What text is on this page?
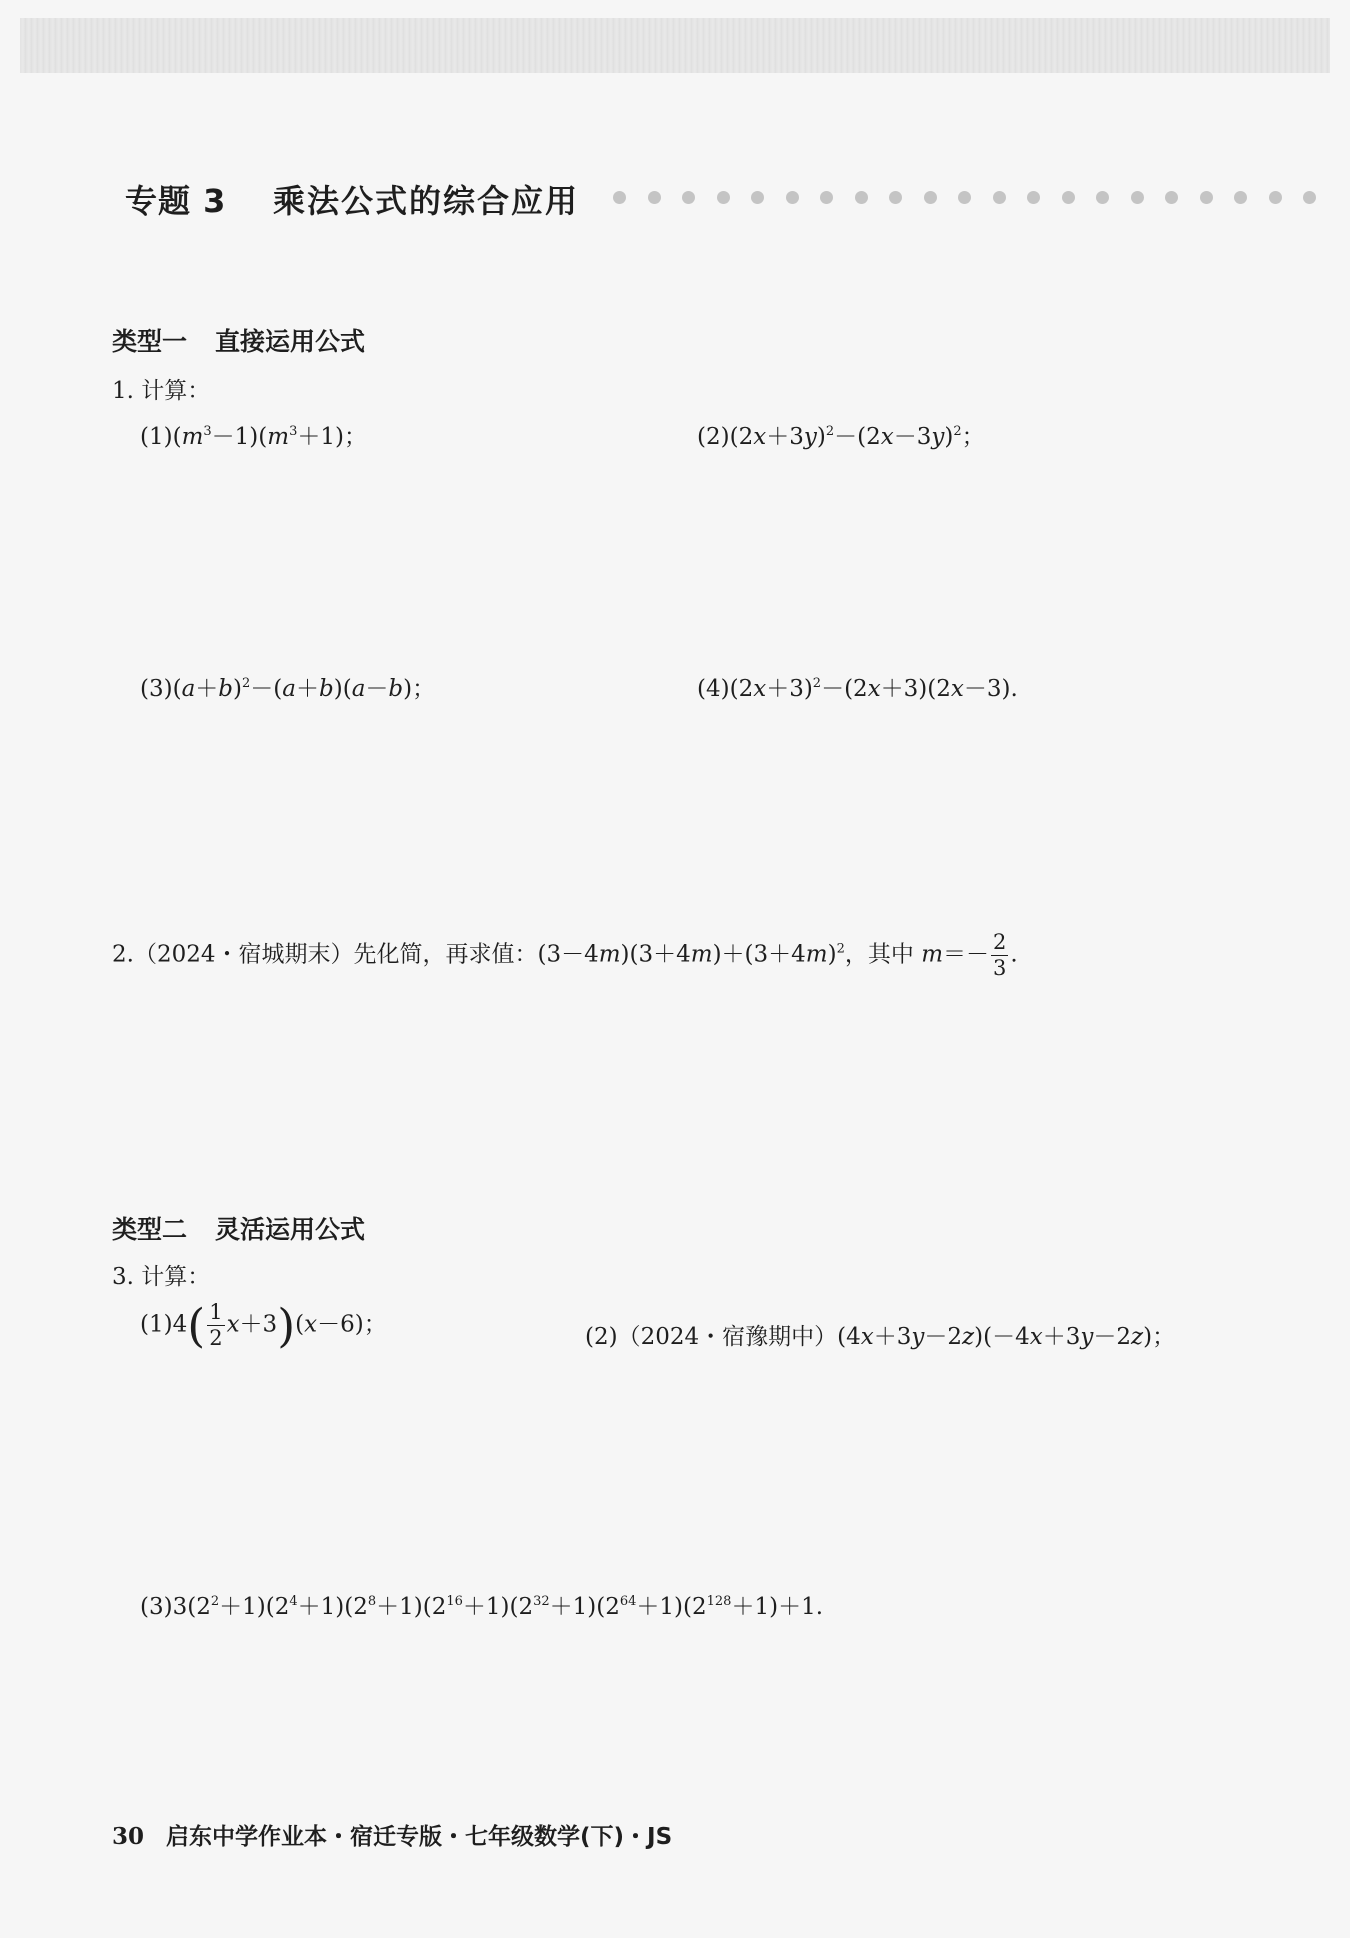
专题 3 乘法公式的综合应用
类型一 直接运用公式
1. 计算：
$(1)(m^3-1)(m^3+1)$；	$(2)(2x+3y)^2-(2x-3y)^2$；
$(3)(a+b)^2-(a+b)(a-b)$；	$(4)(2x+3)^2-(2x+3)(2x-3)$.
2.（2024・宿城期末）先化简，再求值：$(3-4m)(3+4m)+(3+4m)^2$，其中 $m=- \frac{2}{3}$ .
类型二 灵活运用公式
3. 计算：
$(1)4( \frac{1}{2} x+3)(x-6)$；	(2)（2024・宿豫期中）(4x＋3y－2z)(－4x＋3y－2z)；
$(3)3(2^2+1)(2^4+1)(2^8+1)(2^{16}+1)(2^{32}+1)(2^{64}+1)(2^{128}+1)+1$.
30 启东中学作业本・宿迁专版・七年级数学(下)・JS
